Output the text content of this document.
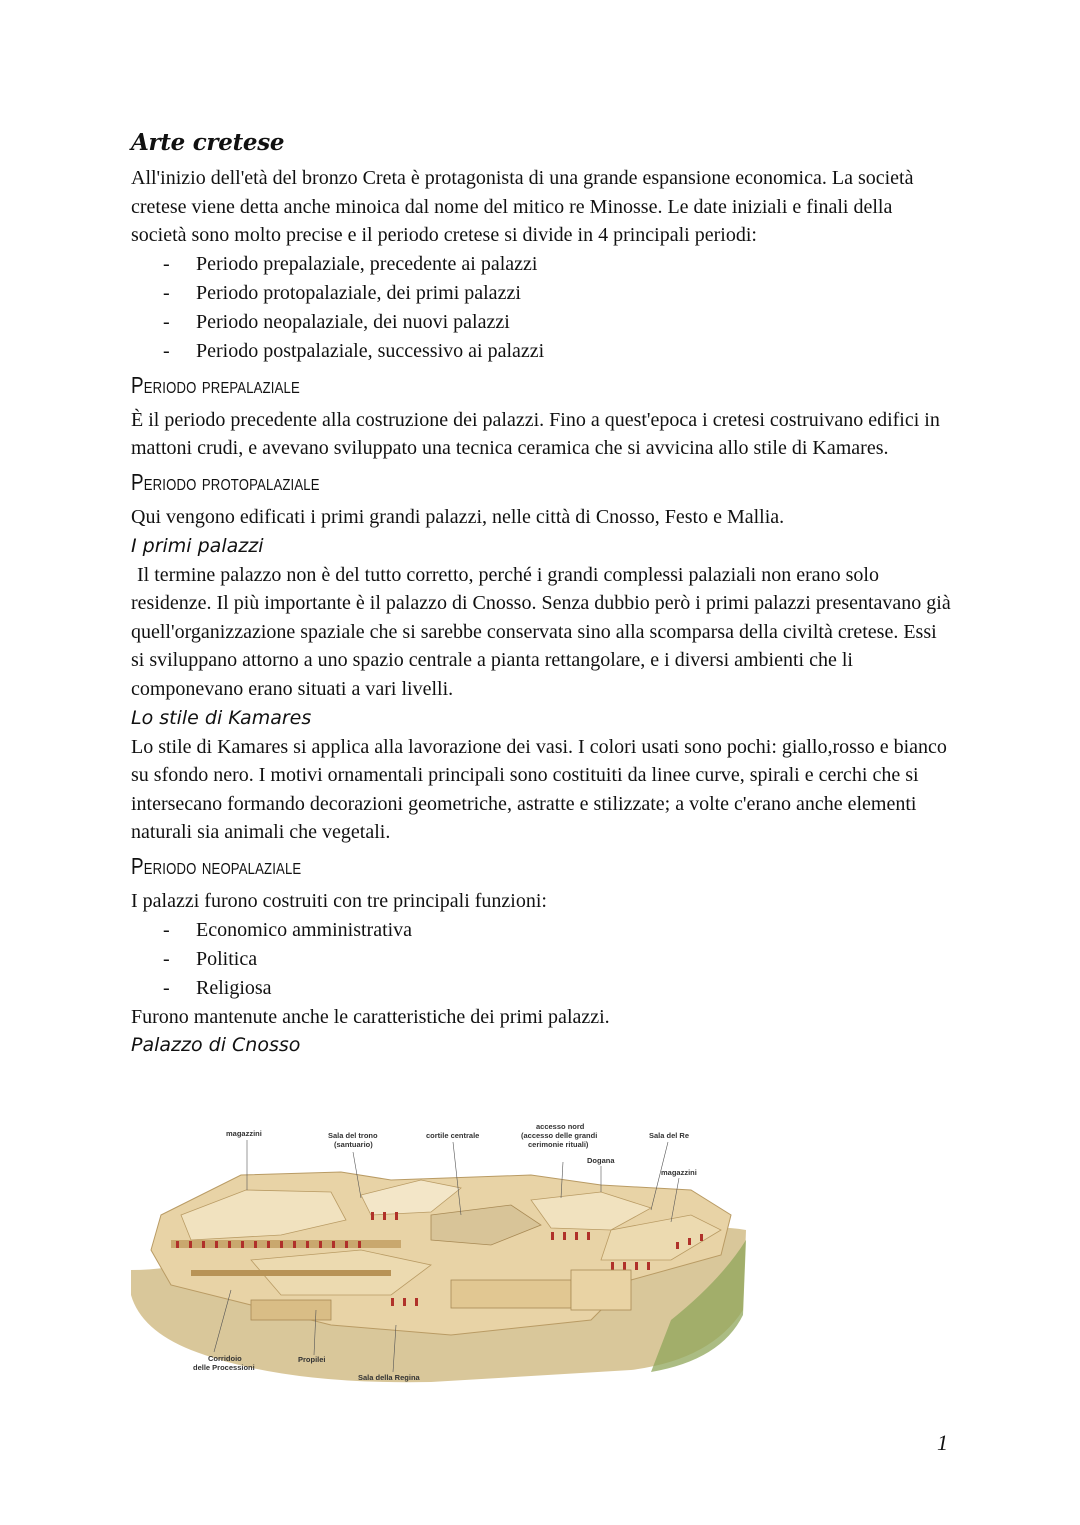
Arte cretese

All'inizio dell'età del bronzo Creta è protagonista di una grande espansione economica. La società cretese viene detta anche minoica dal nome del mitico re Minosse. Le date iniziali e finali della società sono molto precise e il periodo cretese si divide in 4 principali periodi:

- Periodo prepalaziale, precedente ai palazzi
- Periodo protopalaziale, dei primi palazzi
- Periodo neopalaziale, dei nuovi palazzi
- Periodo postpalaziale, successivo ai palazzi
Periodo prepalaziale

È il periodo precedente alla costruzione dei palazzi. Fino a quest'epoca i cretesi costruivano edifici in mattoni crudi, e avevano sviluppato una tecnica ceramica che si avvicina allo stile di Kamares.

Periodo protopalaziale

Qui vengono edificati i primi grandi palazzi, nelle città di Cnosso, Festo e Mallia.

I primi palazzi

Il termine palazzo non è del tutto corretto, perché i grandi complessi palaziali non erano solo residenze. Il più importante è il palazzo di Cnosso. Senza dubbio però i primi palazzi presentavano già quell'organizzazione spaziale che si sarebbe conservata sino alla scomparsa della civiltà cretese. Essi si sviluppano attorno a uno spazio centrale a pianta rettangolare, e i diversi ambienti che li componevano erano situati a vari livelli.

Lo stile di Kamares

Lo stile di Kamares si applica alla lavorazione dei vasi. I colori usati sono pochi: giallo,rosso e bianco su sfondo nero. I motivi ornamentali principali sono costituiti da linee curve, spirali e cerchi che si intersecano formando decorazioni geometriche, astratte e stilizzate; a volte c'erano anche elementi naturali sia animali che vegetali.

Periodo neopalaziale

I palazzi furono costruiti con tre principali funzioni:

- Economico amministrativa
- Politica
- Religiosa

Furono mantenute anche le caratteristiche dei primi palazzi.

Palazzo di Cnosso
magazzini	Sala del trono
(santuario)
cortile centrale
accesso nord
(accesso delle grandi
cerimonie rituali)
Sala del Re
Dogana
magazzini
Corridoio
delle Processioni
Propilei
Sala della Regina
1
